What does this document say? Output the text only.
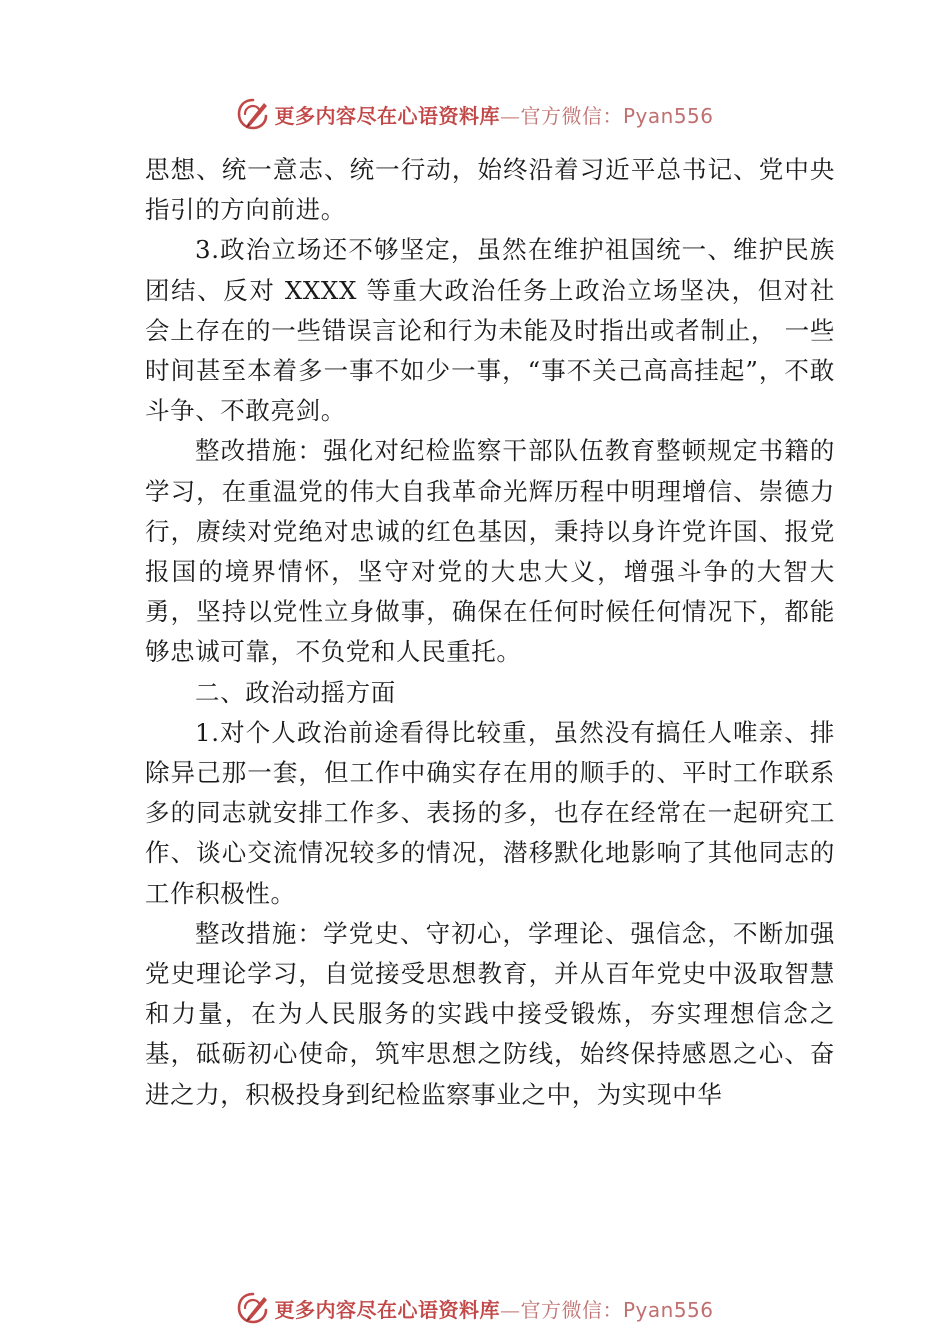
更多内容尽在心语资料库—官方微信：Pyan556

思想、统一意志、统一行动，始终沿着习近平总书记、党中央指引的方向前进。

3.政治立场还不够坚定，虽然在维护祖国统一、维护民族团结、反对 XXXX 等重大政治任务上政治立场坚决，但对社会上存在的一些错误言论和行为未能及时指出或者制止， 一些时间甚至本着多一事不如少一事，“事不关己高高挂起”，不敢斗争、不敢亮剑。

整改措施：强化对纪检监察干部队伍教育整顿规定书籍的学习，在重温党的伟大自我革命光辉历程中明理增信、崇德力行，赓续对党绝对忠诚的红色基因，秉持以身许党许国、报党报国的境界情怀，坚守对党的大忠大义，增强斗争的大智大勇，坚持以党性立身做事，确保在任何时候任何情况下，都能够忠诚可靠，不负党和人民重托。

二、政治动摇方面

1.对个人政治前途看得比较重，虽然没有搞任人唯亲、排除异己那一套，但工作中确实存在用的顺手的、平时工作联系多的同志就安排工作多、表扬的多，也存在经常在一起研究工作、谈心交流情况较多的情况，潜移默化地影响了其他同志的工作积极性。

整改措施：学党史、守初心，学理论、强信念，不断加强党史理论学习，自觉接受思想教育，并从百年党史中汲取智慧和力量，在为人民服务的实践中接受锻炼，夯实理想信念之基，砥砺初心使命，筑牢思想之防线，始终保持感恩之心、奋进之力，积极投身到纪检监察事业之中，为实现中华

更多内容尽在心语资料库—官方微信：Pyan556
